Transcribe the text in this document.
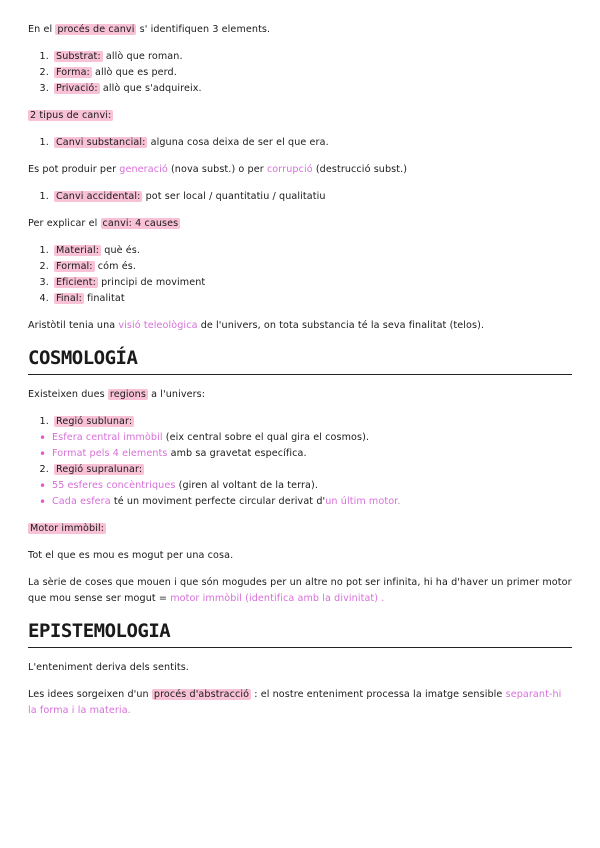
En el procés de canvi s' identifiquen 3 elements.

1. Substrat: allò que roman.
2. Forma: allò que es perd.
3. Privació: allò que s'adquireix.

2 tipus de canvi:

1. Canvi substancial: alguna cosa deixa de ser el que era.

Es pot produir per generació (nova subst.) o per corrupció (destrucció subst.)

1. Canvi accidental: pot ser local / quantitatiu / qualitatiu

Per explicar el canvi: 4 causes

1. Material: què és.
2. Formal: cóm és.
3. Eficient: principi de moviment
4. Final: finalitat

Aristòtil tenia una visió teleològica de l'univers, on tota substancia té la seva finalitat (telos).

COSMOLOGÍA

Existeixen dues regions a l'univers:

1. Regió sublunar:
• Esfera central immòbil (eix central sobre el qual gira el cosmos).
• Format pels 4 elements amb sa gravetat específica.
2. Regió supralunar:
• 55 esferes concèntriques (giren al voltant de la terra).
• Cada esfera té un moviment perfecte circular derivat d'un últim motor.

Motor immòbil:

Tot el que es mou es mogut per una cosa.

La sèrie de coses que mouen i que són mogudes per un altre no pot ser infinita, hi ha d'haver un primer motor que mou sense ser mogut = motor immòbil (identifica amb la divinitat) .

EPISTEMOLOGIA

L'enteniment deriva dels sentits.

Les idees sorgeixen d'un procés d'abstracció : el nostre enteniment processa la imatge sensible separant-hi la forma i la materia.
